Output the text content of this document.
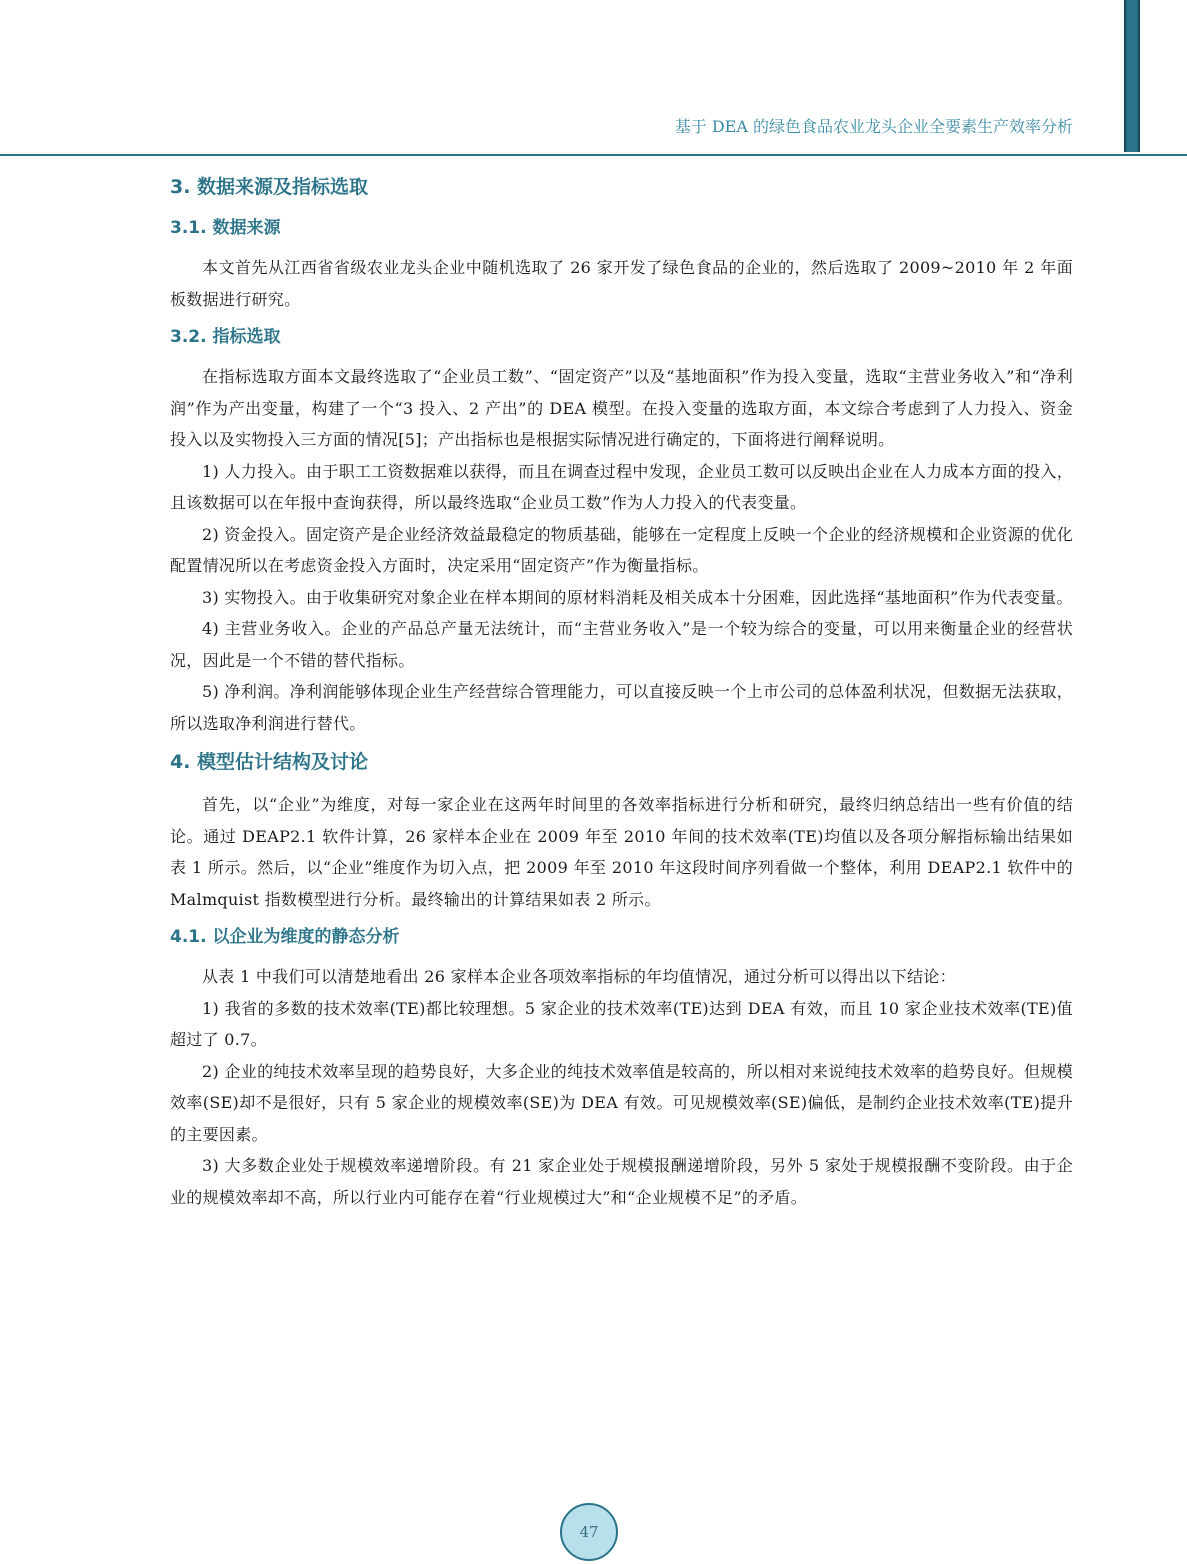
基于 DEA 的绿色食品农业龙头企业全要素生产效率分析
3. 数据来源及指标选取
3.1. 数据来源

本文首先从江西省省级农业龙头企业中随机选取了 26 家开发了绿色食品的企业的，然后选取了 2009~2010 年 2 年面板数据进行研究。

3.2. 指标选取

在指标选取方面本文最终选取了“企业员工数”、“固定资产”以及“基地面积”作为投入变量，选取“主营业务收入”和“净利润”作为产出变量，构建了一个“3 投入、2 产出”的 DEA 模型。在投入变量的选取方面，本文综合考虑到了人力投入、资金投入以及实物投入三方面的情况[5]；产出指标也是根据实际情况进行确定的，下面将进行阐释说明。

1) 人力投入。由于职工工资数据难以获得，而且在调查过程中发现，企业员工数可以反映出企业在人力成本方面的投入，且该数据可以在年报中查询获得，所以最终选取“企业员工数”作为人力投入的代表变量。

2) 资金投入。固定资产是企业经济效益最稳定的物质基础，能够在一定程度上反映一个企业的经济规模和企业资源的优化配置情况所以在考虑资金投入方面时，决定采用“固定资产”作为衡量指标。

3) 实物投入。由于收集研究对象企业在样本期间的原材料消耗及相关成本十分困难，因此选择“基地面积”作为代表变量。

4) 主营业务收入。企业的产品总产量无法统计，而“主营业务收入”是一个较为综合的变量，可以用来衡量企业的经营状况，因此是一个不错的替代指标。

5) 净利润。净利润能够体现企业生产经营综合管理能力，可以直接反映一个上市公司的总体盈利状况，但数据无法获取，所以选取净利润进行替代。

4. 模型估计结构及讨论

首先，以“企业”为维度，对每一家企业在这两年时间里的各效率指标进行分析和研究，最终归纳总结出一些有价值的结论。通过 DEAP2.1 软件计算，26 家样本企业在 2009 年至 2010 年间的技术效率(TE)均值以及各项分解指标输出结果如表 1 所示。然后，以“企业”维度作为切入点，把 2009 年至 2010 年这段时间序列看做一个整体，利用 DEAP2.1 软件中的 Malmquist 指数模型进行分析。最终输出的计算结果如表 2 所示。

4.1. 以企业为维度的静态分析

从表 1 中我们可以清楚地看出 26 家样本企业各项效率指标的年均值情况，通过分析可以得出以下结论：

1) 我省的多数的技术效率(TE)都比较理想。5 家企业的技术效率(TE)达到 DEA 有效，而且 10 家企业技术效率(TE)值超过了 0.7。

2) 企业的纯技术效率呈现的趋势良好，大多企业的纯技术效率值是较高的，所以相对来说纯技术效率的趋势良好。但规模效率(SE)却不是很好，只有 5 家企业的规模效率(SE)为 DEA 有效。可见规模效率(SE)偏低，是制约企业技术效率(TE)提升的主要因素。

3) 大多数企业处于规模效率递增阶段。有 21 家企业处于规模报酬递增阶段，另外 5 家处于规模报酬不变阶段。由于企业的规模效率却不高，所以行业内可能存在着“行业规模过大”和“企业规模不足”的矛盾。

47
